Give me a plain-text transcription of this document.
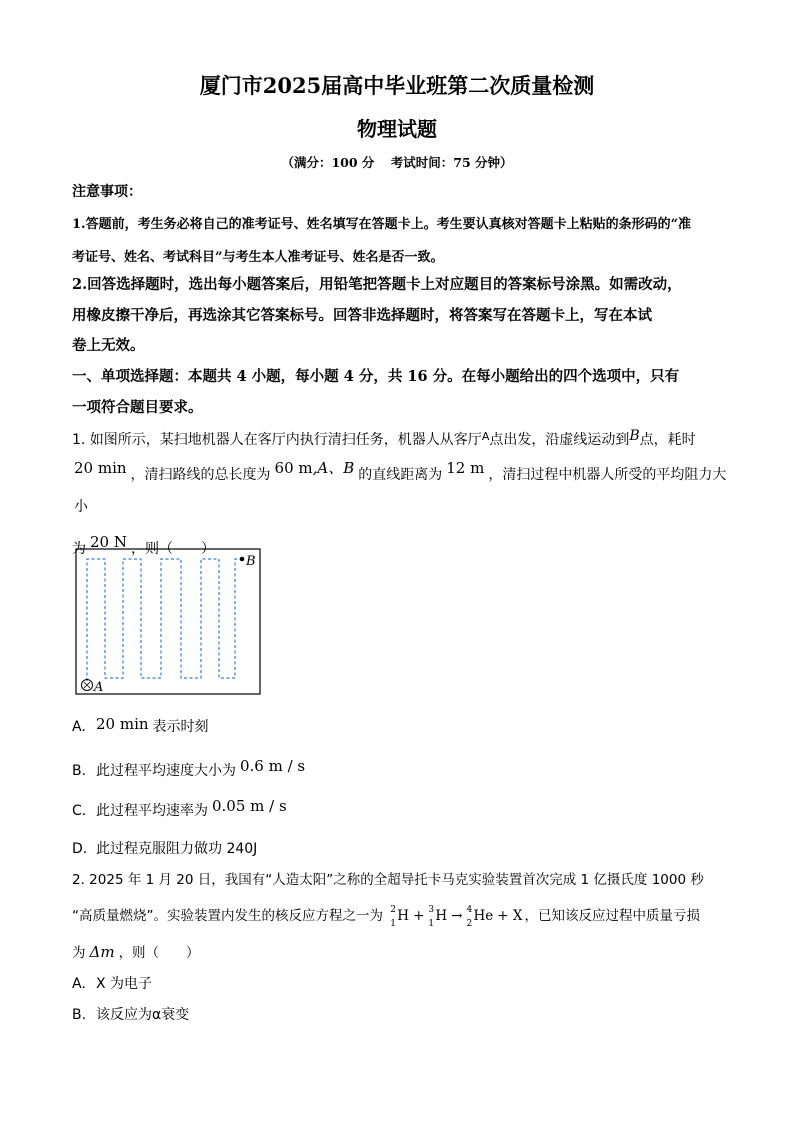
厦门市2025届高中毕业班第二次质量检测
物理试题
（满分：100 分 考试时间：75 分钟）
注意事项：
1.答题前，考生务必将自己的准考证号、姓名填写在答题卡上。考生要认真核对答题卡上粘贴的条形码的“准
考证号、姓名、考试科目”与考生本人准考证号、姓名是否一致。
2.回答选择题时，选出每小题答案后，用铅笔把答题卡上对应题目的答案标号涂黑。如需改动，
用橡皮擦干净后，再选涂其它答案标号。回答非选择题时，将答案写在答题卡上，写在本试
卷上无效。
一、单项选择题：本题共 4 小题，每小题 4 分，共 16 分。在每小题给出的四个选项中，只有
一项符合题目要求。
1. 如图所示，某扫地机器人在客厅内执行清扫任务，机器人从客厅$^A$点出发，沿虚线运动到B点，耗时
20 min ，清扫路线的总长度为 60 m,A、B 的直线距离为 12 m ，清扫过程中机器人所受的平均阻力大小
为 20 N ，则（　　）
B
A
A. 20 min 表示时刻
B. 此过程平均速度大小为 0.6 m / s
C. 此过程平均速率为 0.05 m / s
D. 此过程克服阻力做功 240J
2. 2025 年 1 月 20 日，我国有“人造太阳”之称的全超导托卡马克实验装置首次完成 1 亿摄氏度 1000 秒
“高质量燃烧”。实验装置内发生的核反应方程之一为 2
1 H + 3
1 H → 4
2 He + X ，已知该反应过程中质量亏损
为 Δm ，则（　　）
A. X 为电子
B. 该反应为α衰变
